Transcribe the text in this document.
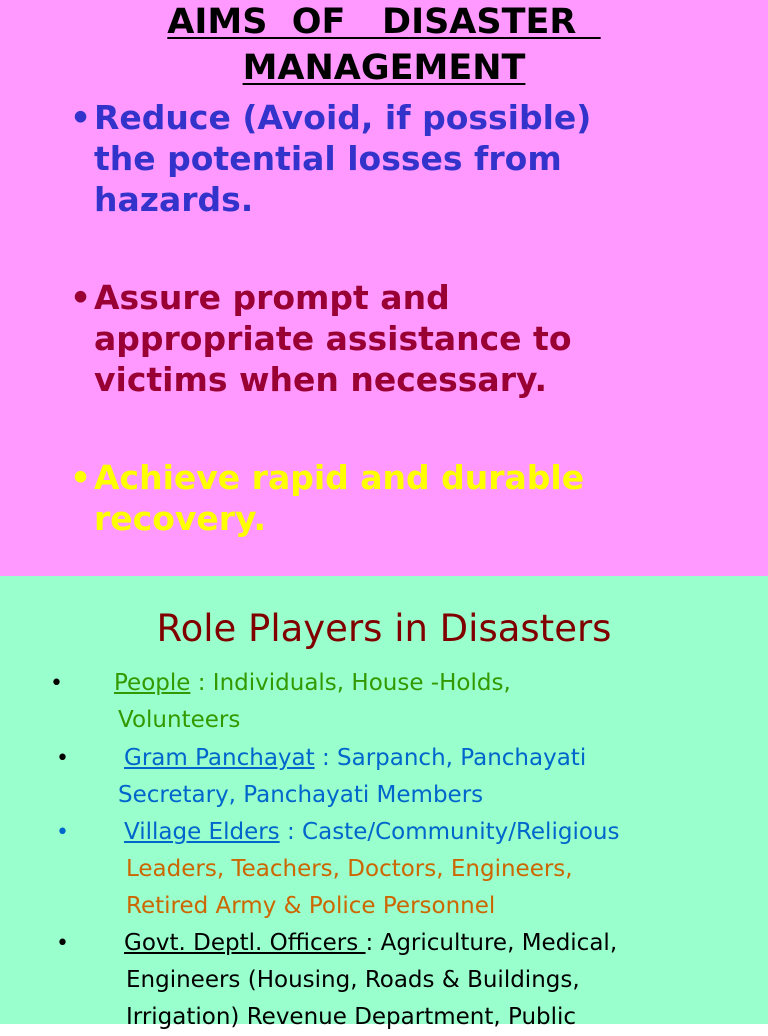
AIMS  OF   DISASTER
MANAGEMENT
• Reduce (Avoid, if possible)
the potential losses from
hazards.
• Assure prompt and
appropriate assistance to
victims when necessary.
• Achieve rapid and durable
recovery.
Role Players in Disasters
• People : Individuals, House -Holds,
Volunteers
• Gram Panchayat : Sarpanch, Panchayati
Secretary, Panchayati Members
• Village Elders : Caste/Community/Religious
Leaders, Teachers, Doctors, Engineers,
Retired Army & Police Personnel
• Govt. Deptl. Officers : Agriculture, Medical,
Engineers (Housing, Roads & Buildings,
Irrigation) Revenue Department, Public
